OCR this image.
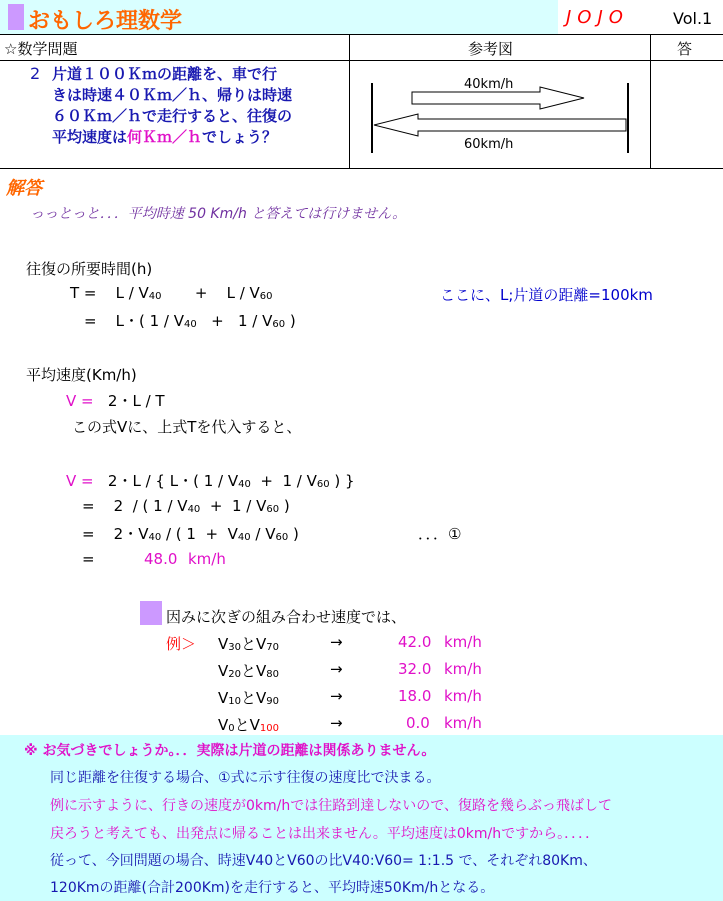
おもしろ理数学	JOJO	Vol.1
☆数学問題	参考図	答
2 片道１００Ｋｍの距離を、車で行
きは時速４０Ｋｍ／ｈ、帰りは時速
６０Ｋｍ／ｈで走行すると、往復の
平均速度は何Ｋｍ／ｈでしょう？
40km/h
60km/h
解答
っっとっと．．．平均時速 50 Km/h と答えては行けません。
往復の所要時間(h)
$T = L / V_{40}$       +    L / $V_{60}$	ここに、L;片道の距離=100km
=    L・( $1 / V_{40} + 1 / V_{60}$ )
平均速度(Km/h)
V =   2・L / T
この式Vに、上式Tを代入すると、
V =   2・L / { L・( $1 / V_{40} + 1 / V_{60}$ ) }
=    2  / ( $1 / V_{40} + 1 / V_{60}$ )
=    2・$V_{40}$ / ( $1 + V_{40} / V_{60}$ )	．．．①
=	48.0 km/h
因みに次ぎの組み合わせ速度では、
例＞ $V_{30}$と$V_{70}$	→	42.0 km/h
$V_{20}$と$V_{80}$	→	32.0 km/h
$V_{10}$と$V_{90}$	→	18.0 km/h
$V_0$と$V_{100}$	→	0.0 km/h
※ お気づきでしょうか。．．実際は片道の距離は関係ありません。
同じ距離を往復する場合、①式に示す往復の速度比で決まる。
例に示すように、行きの速度が0km/hでは往路到達しないので、復路を幾らぶっ飛ばして
戻ろうと考えても、出発点に帰ることは出来ません。平均速度は0km/hですから。．．．．
従って、今回問題の場合、時速V40とV60の比V40:V60= 1:1.5 で、それぞれ80Km、
120Kmの距離(合計200Km)を走行すると、平均時速50Km/hとなる。
